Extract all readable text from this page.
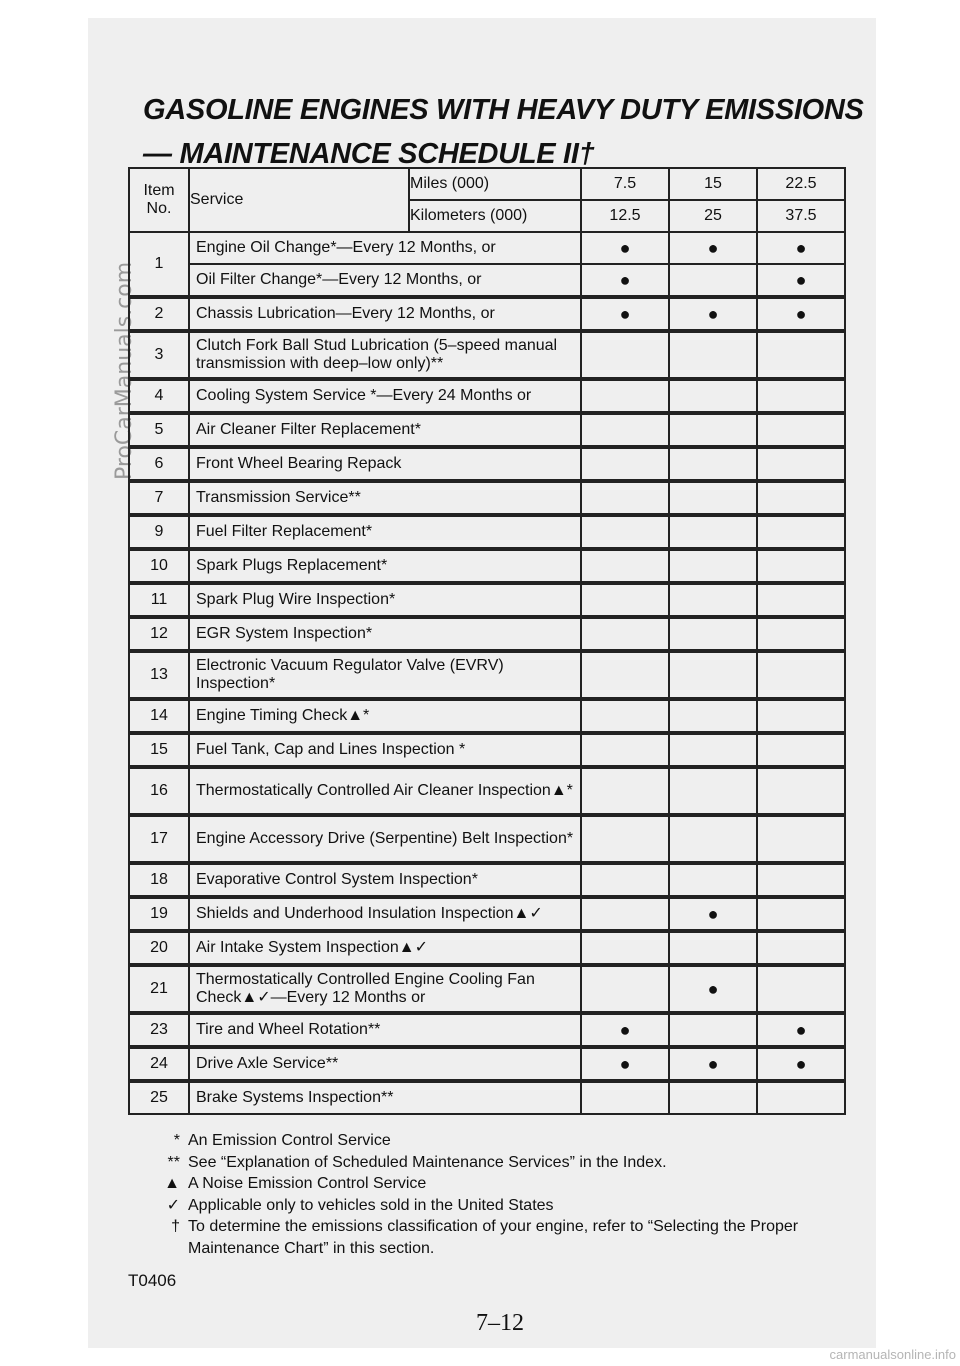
ProCarManuals.com
GASOLINE ENGINES WITH HEAVY DUTY EMISSIONS
— MAINTENANCE SCHEDULE II†
Item No.	Service	Miles (000)	7.5	15	22.5
		Kilometers (000)	12.5	25	37.5
1	Engine Oil Change*—Every 12 Months, or		●	●	●
	Oil Filter Change*—Every 12 Months, or		●		●
2	Chassis Lubrication—Every 12 Months, or		●	●	●
3	Clutch Fork Ball Stud Lubrication (5–speed manual transmission with deep–low only)**				
4	Cooling System Service *—Every 24 Months or				
5	Air Cleaner Filter Replacement*				
6	Front Wheel Bearing Repack				
7	Transmission Service**				
9	Fuel Filter Replacement*				
10	Spark Plugs Replacement*				
11	Spark Plug Wire Inspection*				
12	EGR System Inspection*				
13	Electronic Vacuum Regulator Valve (EVRV) Inspection*				
14	Engine Timing Check▲*				
15	Fuel Tank, Cap and Lines Inspection *				
16	Thermostatically Controlled Air Cleaner Inspection▲*				
17	Engine Accessory Drive (Serpentine) Belt Inspection*				
18	Evaporative Control System Inspection*				
19	Shields and Underhood Insulation Inspection▲✓			●	
20	Air Intake System Inspection▲✓				
21	Thermostatically Controlled Engine Cooling Fan Check▲✓—Every 12 Months or			●	
23	Tire and Wheel Rotation**		●		●
24	Drive Axle Service**		●	●	●
25	Brake Systems Inspection**				
* An Emission Control Service
** See “Explanation of Scheduled Maintenance Services” in the Index.
▲ A Noise Emission Control Service
✓ Applicable only to vehicles sold in the United States
† To determine the emissions classification of your engine, refer to “Selecting the Proper Maintenance Chart” in this section.
T0406
7–12
carmanualsonline.info
